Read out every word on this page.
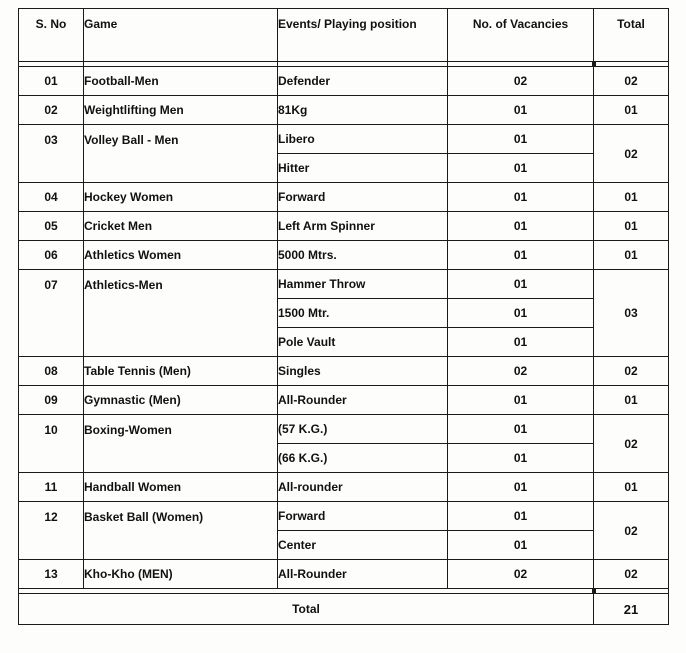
S. No	Game	Events/ Playing position	No. of Vacancies	Total

01	Football-Men	Defender	02	02
02	Weightlifting Men	81Kg	01	01
03	Volley Ball - Men	Libero	01	02
		Hitter	01	
04	Hockey Women	Forward	01	01
05	Cricket Men	Left Arm Spinner	01	01
06	Athletics Women	5000 Mtrs.	01	01
07	Athletics-Men	Hammer Throw	01	03
		1500 Mtr.	01	
		Pole Vault	01	
08	Table Tennis (Men)	Singles	02	02
09	Gymnastic (Men)	All-Rounder	01	01
10	Boxing-Women	(57 K.G.)	01	02
		(66 K.G.)	01	
11	Handball Women	All-rounder	01	01
12	Basket Ball (Women)	Forward	01	02
		Center	01	
13	Kho-Kho (MEN)	All-Rounder	02	02

Total				21
